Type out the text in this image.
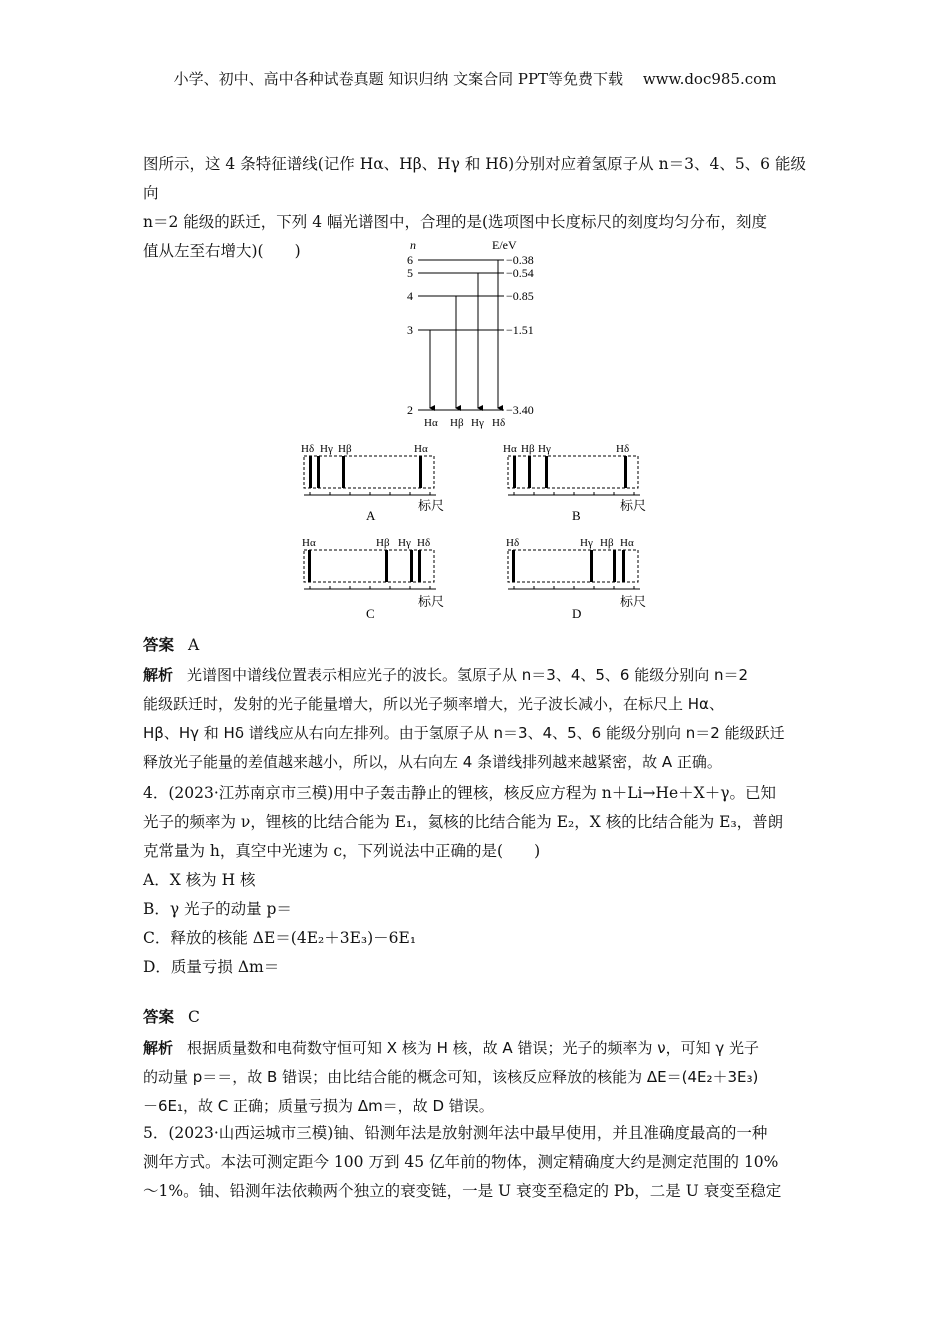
小学、初中、高中各种试卷真题 知识归纳 文案合同 PPT等免费下载　 www.doc985.com
图所示，这 4 条特征谱线(记作 Hα、Hβ、Hγ 和 Hδ)分别对应着氢原子从 n＝3、4、5、6 能级向
n＝2 能级的跃迁，下列 4 幅光谱图中，合理的是(选项图中长度标尺的刻度均匀分布，刻度
值从左至右增大)(　　)	n	E/eV
6
5
4
3
2
−0.38
−0.54
−0.85
−1.51
−3.40
Hα Hβ Hγ Hδ
Hδ Hγ Hβ	Hα
标尺
A
Hα Hβ Hγ	Hδ
标尺
B
Hα	Hβ Hγ Hδ
标尺
C
Hδ	Hγ Hβ Hα
标尺
D
答案 A
解析 光谱图中谱线位置表示相应光子的波长。氢原子从 n＝3、4、5、6 能级分别向 n＝2
能级跃迁时，发射的光子能量增大，所以光子频率增大，光子波长减小，在标尺上 Hα、
Hβ、Hγ 和 Hδ 谱线应从右向左排列。由于氢原子从 n＝3、4、5、6 能级分别向 n＝2 能级跃迁
释放光子能量的差值越来越小，所以，从右向左 4 条谱线排列越来越紧密，故 A 正确。
4．(2023·江苏南京市三模)用中子轰击静止的锂核，核反应方程为 n＋Li→He＋X＋γ。已知
光子的频率为 ν，锂核的比结合能为 E₁，氦核的比结合能为 E₂，X 核的比结合能为 E₃，普朗
克常量为 h，真空中光速为 c，下列说法中正确的是(　　)
A．X 核为 H 核
B．γ 光子的动量 p＝
C．释放的核能 ΔE＝(4E₂＋3E₃)－6E₁
D．质量亏损 Δm＝
答案 C
解析 根据质量数和电荷数守恒可知 X 核为 H 核，故 A 错误；光子的频率为 ν，可知 γ 光子
的动量 p＝＝，故 B 错误；由比结合能的概念可知，该核反应释放的核能为 ΔE＝(4E₂＋3E₃)
－6E₁，故 C 正确；质量亏损为 Δm＝，故 D 错误。
5．(2023·山西运城市三模)铀、铅测年法是放射测年法中最早使用，并且准确度最高的一种
测年方式。本法可测定距今 100 万到 45 亿年前的物体，测定精确度大约是测定范围的 10%
～1%。铀、铅测年法依赖两个独立的衰变链，一是 U 衰变至稳定的 Pb，二是 U 衰变至稳定
